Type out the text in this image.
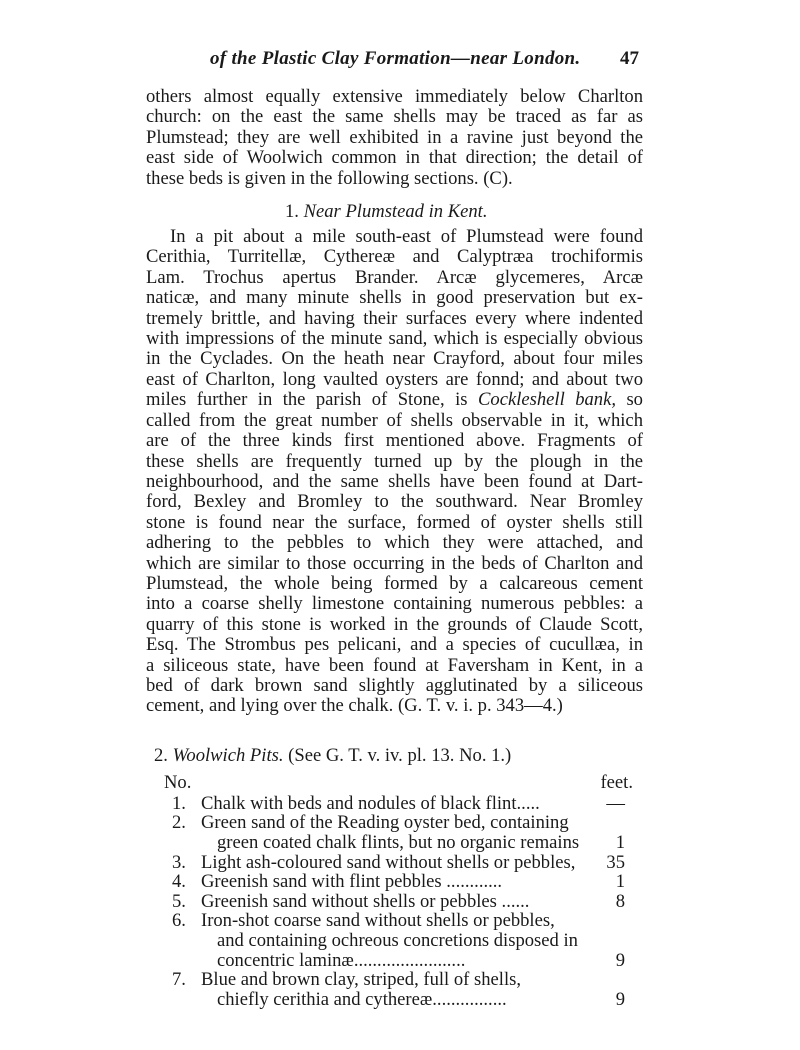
of the Plastic Clay Formation—near London. 47
others almost equally extensive immediately below Charlton
church: on the east the same shells may be traced as far as
Plumstead; they are well exhibited in a ravine just beyond the
east side of Woolwich common in that direction; the detail of
these beds is given in the following sections. (C).
1. Near Plumstead in Kent.
In a pit about a mile south-east of Plumstead were found
Cerithia, Turritellæ, Cythereæ and Calyptræa trochiformis
Lam. Trochus apertus Brander. Arcæ glycemeres, Arcæ
naticæ, and many minute shells in good preservation but ex-
tremely brittle, and having their surfaces every where indented
with impressions of the minute sand, which is especially obvious
in the Cyclades. On the heath near Crayford, about four miles
east of Charlton, long vaulted oysters are fonnd; and about two
miles further in the parish of Stone, is Cockleshell bank, so
called from the great number of shells observable in it, which
are of the three kinds first mentioned above. Fragments of
these shells are frequently turned up by the plough in the
neighbourhood, and the same shells have been found at Dart-
ford, Bexley and Bromley to the southward. Near Bromley
stone is found near the surface, formed of oyster shells still
adhering to the pebbles to which they were attached, and
which are similar to those occurring in the beds of Charlton and
Plumstead, the whole being formed by a calcareous cement
into a coarse shelly limestone containing numerous pebbles: a
quarry of this stone is worked in the grounds of Claude Scott,
Esq. The Strombus pes pelicani, and a species of cucullæa, in
a siliceous state, have been found at Faversham in Kent, in a
bed of dark brown sand slightly agglutinated by a siliceous
cement, and lying over the chalk. (G. T. v. i. p. 343—4.)
2. Woolwich Pits. (See G. T. v. iv. pl. 13. No. 1.)
No.	feet.
1. Chalk with beds and nodules of black flint.....	—
2. Green sand of the Reading oyster bed, containing
green coated chalk flints, but no organic remains	1
3. Light ash-coloured sand without shells or pebbles,	35
4. Greenish sand with flint pebbles ............	1
5. Greenish sand without shells or pebbles ......	8
6. Iron-shot coarse sand without shells or pebbles,
and containing ochreous concretions disposed in
concentric laminæ........................	9
7. Blue and brown clay, striped, full of shells,
chiefly cerithia and cythereæ................	9
